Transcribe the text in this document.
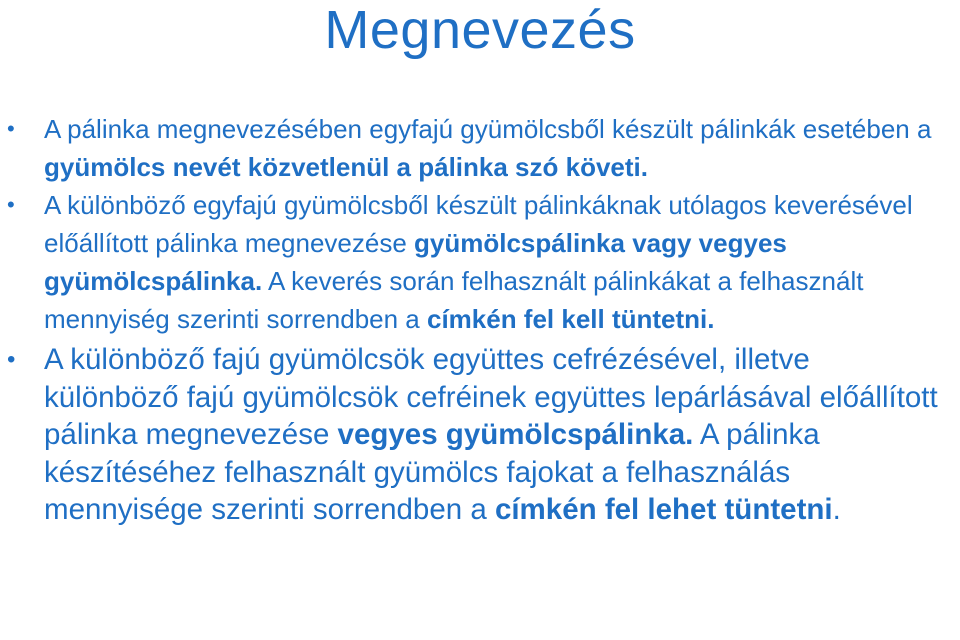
Megnevezés
• A pálinka megnevezésében egyfajú gyümölcsből készült pálinkák esetében a gyümölcs nevét közvetlenül a pálinka szó követi.
• A különböző egyfajú gyümölcsből készült pálinkáknak utólagos keverésével előállított pálinka megnevezése gyümölcspálinka vagy vegyes gyümölcspálinka. A keverés során felhasznált pálinkákat a felhasznált mennyiség szerinti sorrendben a címkén fel kell tüntetni.
• A különböző fajú gyümölcsök együttes cefrézésével, illetve különböző fajú gyümölcsök cefréinek együttes lepárlásával előállított pálinka megnevezése vegyes gyümölcspálinka. A pálinka készítéséhez felhasznált gyümölcs fajokat a felhasználás mennyisége szerinti sorrendben a címkén fel lehet tüntetni.
